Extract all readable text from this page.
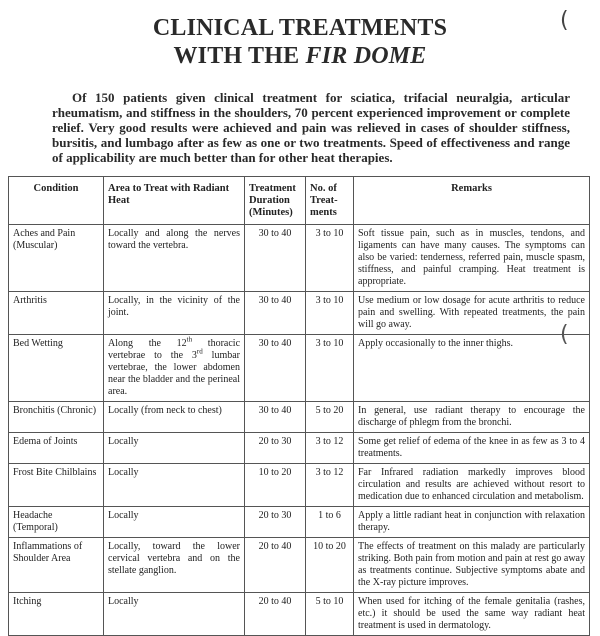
CLINICAL TREATMENTS
WITH THE FIR DOME
(
(

Of 150 patients given clinical treatment for sciatica, trifacial neuralgia, articular rheumatism, and stiffness in the shoulders, 70 percent experienced improvement or complete relief. Very good results were achieved and pain was relieved in cases of shoulder stiffness, bursitis, and lumbago after as few as one or two treatments. Speed of effectiveness and range of applicability are much better than for other heat therapies.

Condition	Area to Treat with Radiant Heat	Treatment Duration (Minutes)	No. of Treat-ments	Remarks
Aches and Pain (Muscular)	Locally and along the nerves toward the vertebra.	30 to 40	3 to 10	Soft tissue pain, such as in muscles, tendons, and ligaments can have many causes. The symptoms can also be varied: tenderness, referred pain, muscle spasm, stiffness, and painful cramping. Heat treatment is appropriate.
Arthritis	Locally, in the vicinity of the joint.	30 to 40	3 to 10	Use medium or low dosage for acute arthritis to reduce pain and swelling. With repeated treatments, the pain will go away.
Bed Wetting	Along the 12th thoracic vertebrae to the 3rd lumbar vertebrae, the lower abdomen near the bladder and the perineal area.	30 to 40	3 to 10	Apply occasionally to the inner thighs.
Bronchitis (Chronic)	Locally (from neck to chest)	30 to 40	5 to 20	In general, use radiant therapy to encourage the discharge of phlegm from the bronchi.
Edema of Joints	Locally	20 to 30	3 to 12	Some get relief of edema of the knee in as few as 3 to 4 treatments.
Frost Bite Chilblains	Locally	10 to 20	3 to 12	Far Infrared radiation markedly improves blood circulation and results are achieved without resort to medication due to enhanced circulation and metabolism.
Headache (Temporal)	Locally	20 to 30	1 to 6	Apply a little radiant heat in conjunction with relaxation therapy.
Inflammations of Shoulder Area	Locally, toward the lower cervical vertebra and on the stellate ganglion.	20 to 40	10 to 20	The effects of treatment on this malady are particularly striking. Both pain from motion and pain at rest go away as treatments continue. Subjective symptoms abate and the X-ray picture improves.
Itching	Locally	20 to 40	5 to 10	When used for itching of the female genitalia (rashes, etc.) it should be used the same way radiant heat treatment is used in dermatology.
